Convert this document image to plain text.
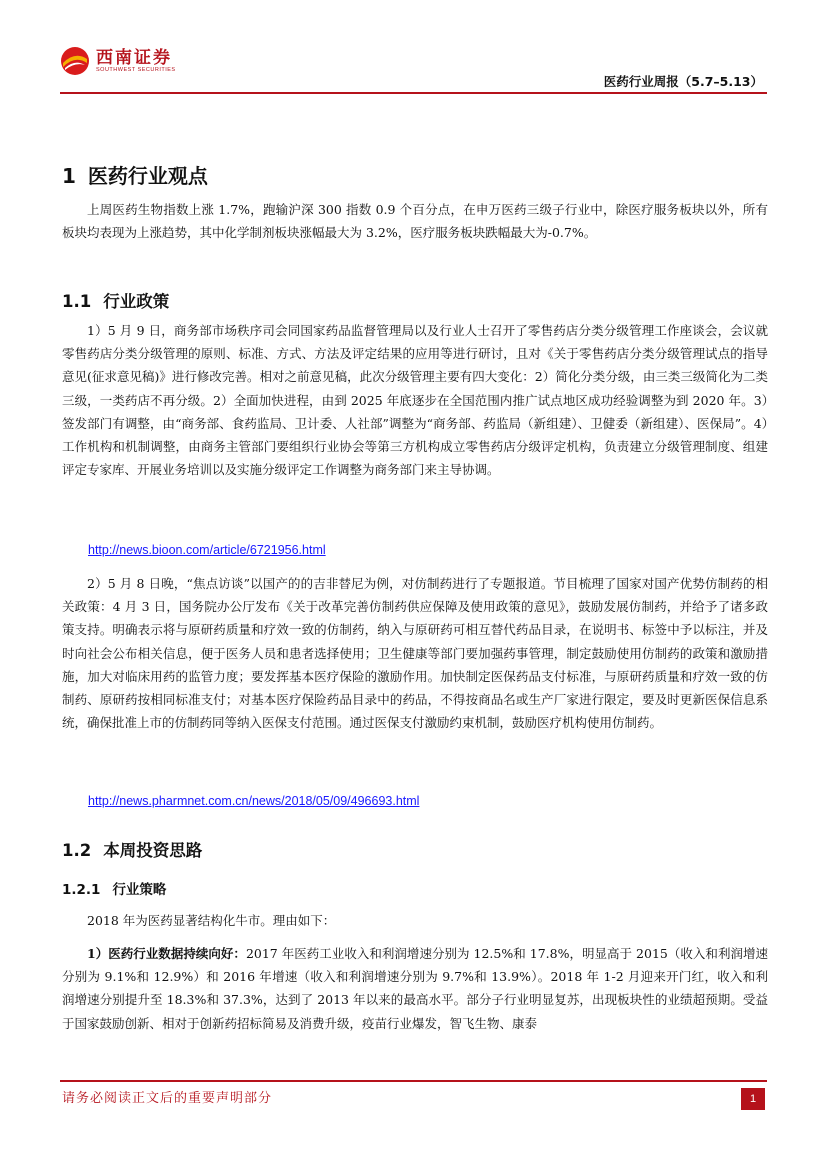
西南证券
SOUTHWEST SECURITIES
医药行业周报（5.7–5.13）
1 医药行业观点

上周医药生物指数上涨 1.7%，跑输沪深 300 指数 0.9 个百分点，在申万医药三级子行业中，除医疗服务板块以外，所有板块均表现为上涨趋势，其中化学制剂板块涨幅最大为 3.2%，医疗服务板块跌幅最大为-0.7%。

1.1 行业政策

1）5 月 9 日，商务部市场秩序司会同国家药品监督管理局以及行业人士召开了零售药店分类分级管理工作座谈会，会议就零售药店分类分级管理的原则、标准、方式、方法及评定结果的应用等进行研讨，且对《关于零售药店分类分级管理试点的指导意见(征求意见稿)》进行修改完善。相对之前意见稿，此次分级管理主要有四大变化：2）简化分类分级，由三类三级简化为二类三级，一类药店不再分级。2）全面加快进程，由到 2025 年底逐步在全国范围内推广试点地区成功经验调整为到 2020 年。3）签发部门有调整，由“商务部、食药监局、卫计委、人社部”调整为“商务部、药监局（新组建）、卫健委（新组建）、医保局”。4）工作机构和机制调整，由商务主管部门要组织行业协会等第三方机构成立零售药店分级评定机构，负责建立分级管理制度、组建评定专家库、开展业务培训以及实施分级评定工作调整为商务部门来主导协调。

http://news.bioon.com/article/6721956.html

2）5 月 8 日晚，“焦点访谈”以国产的的吉非替尼为例，对仿制药进行了专题报道。节目梳理了国家对国产优势仿制药的相关政策：4 月 3 日，国务院办公厅发布《关于改革完善仿制药供应保障及使用政策的意见》，鼓励发展仿制药，并给予了诸多政策支持。明确表示将与原研药质量和疗效一致的仿制药，纳入与原研药可相互替代药品目录，在说明书、标签中予以标注，并及时向社会公布相关信息，便于医务人员和患者选择使用；卫生健康等部门要加强药事管理，制定鼓励使用仿制药的政策和激励措施，加大对临床用药的监管力度；要发挥基本医疗保险的激励作用。加快制定医保药品支付标准，与原研药质量和疗效一致的仿制药、原研药按相同标准支付；对基本医疗保险药品目录中的药品，不得按商品名或生产厂家进行限定，要及时更新医保信息系统，确保批准上市的仿制药同等纳入医保支付范围。通过医保支付激励约束机制，鼓励医疗机构使用仿制药。

http://news.pharmnet.com.cn/news/2018/05/09/496693.html
1.2 本周投资思路
1.2.1 行业策略

2018 年为医药显著结构化牛市。理由如下：

1）医药行业数据持续向好：2017 年医药工业收入和利润增速分别为 12.5%和 17.8%，明显高于 2015（收入和利润增速分别为 9.1%和 12.9%）和 2016 年增速（收入和利润增速分别为 9.7%和 13.9%）。2018 年 1-2 月迎来开门红，收入和利润增速分别提升至 18.3%和 37.3%，达到了 2013 年以来的最高水平。部分子行业明显复苏，出现板块性的业绩超预期。受益于国家鼓励创新、相对于创新药招标简易及消费升级，疫苗行业爆发，智飞生物、康泰

请务必阅读正文后的重要声明部分	1
